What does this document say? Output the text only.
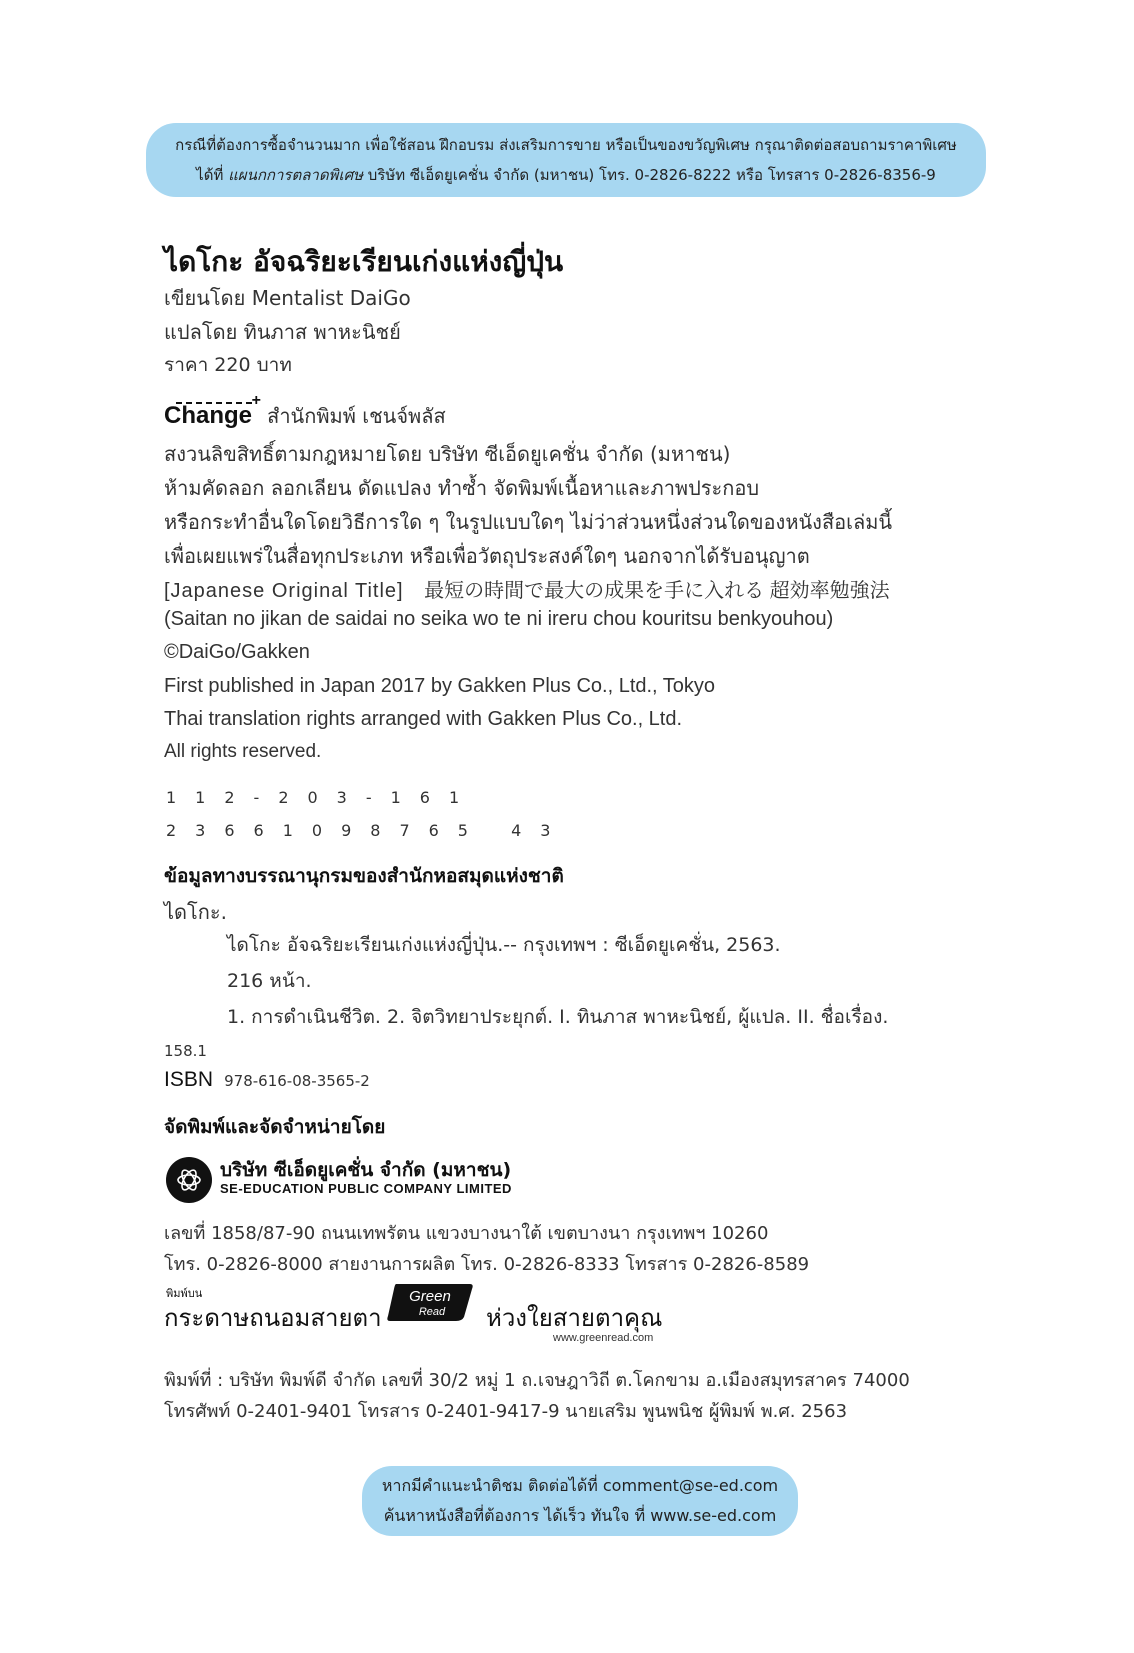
กรณีที่ต้องการซื้อจำนวนมาก เพื่อใช้สอน ฝึกอบรม ส่งเสริมการขาย หรือเป็นของขวัญพิเศษ กรุณาติดต่อสอบถามราคาพิเศษ
ได้ที่ แผนกการตลาดพิเศษ บริษัท ซีเอ็ดยูเคชั่น จำกัด (มหาชน) โทร. 0-2826-8222 หรือ โทรสาร 0-2826-8356-9
ไดโกะ อัจฉริยะเรียนเก่งแห่งญี่ปุ่น
เขียนโดย Mentalist DaiGo
แปลโดย ทินภาส พาหะนิชย์
ราคา 220 บาท
Change
+
สำนักพิมพ์ เชนจ์พลัส
สงวนลิขสิทธิ์ตามกฎหมายโดย บริษัท ซีเอ็ดยูเคชั่น จำกัด (มหาชน)
ห้ามคัดลอก ลอกเลียน ดัดแปลง ทำซ้ำ จัดพิมพ์เนื้อหาและภาพประกอบ
หรือกระทำอื่นใดโดยวิธีการใด ๆ ในรูปแบบใดๆ ไม่ว่าส่วนหนึ่งส่วนใดของหนังสือเล่มนี้
เพื่อเผยแพร่ในสื่อทุกประเภท หรือเพื่อวัตถุประสงค์ใดๆ นอกจากได้รับอนุญาต
[Japanese Original Title] 最短の時間で最大の成果を手に入れる 超効率勉強法
(Saitan no jikan de saidai no seika wo te ni ireru chou kouritsu benkyouhou)
©DaiGo/Gakken
First published in Japan 2017 by Gakken Plus Co., Ltd., Tokyo
Thai translation rights arranged with Gakken Plus Co., Ltd.
All rights reserved.
112-203-161
23661098765 43
ข้อมูลทางบรรณานุกรมของสำนักหอสมุดแห่งชาติ
ไดโกะ.
ไดโกะ อัจฉริยะเรียนเก่งแห่งญี่ปุ่น.-- กรุงเทพฯ : ซีเอ็ดยูเคชั่น, 2563.
216 หน้า.
1. การดำเนินชีวิต. 2. จิตวิทยาประยุกต์. I. ทินภาส พาหะนิชย์, ผู้แปล. II. ชื่อเรื่อง.
158.1
ISBN 978-616-08-3565-2
จัดพิมพ์และจัดจำหน่ายโดย
บริษัท ซีเอ็ดยูเคชั่น จำกัด (มหาชน)
SE-EDUCATION PUBLIC COMPANY LIMITED
เลขที่ 1858/87-90 ถนนเทพรัตน แขวงบางนาใต้ เขตบางนา กรุงเทพฯ 10260
โทร. 0-2826-8000 สายงานการผลิต โทร. 0-2826-8333 โทรสาร 0-2826-8589
พิมพ์บน
กระดาษถนอมสายตา
Green
Read ห่วงใยสายตาคุณ
www.greenread.com
พิมพ์ที่ : บริษัท พิมพ์ดี จำกัด เลขที่ 30/2 หมู่ 1 ถ.เจษฎาวิถี ต.โคกขาม อ.เมืองสมุทรสาคร 74000
โทรศัพท์ 0-2401-9401 โทรสาร 0-2401-9417-9 นายเสริม พูนพนิช ผู้พิมพ์ พ.ศ. 2563
หากมีคำแนะนำติชม ติดต่อได้ที่ comment@se-ed.com
ค้นหาหนังสือที่ต้องการ ได้เร็ว ทันใจ ที่ www.se-ed.com
